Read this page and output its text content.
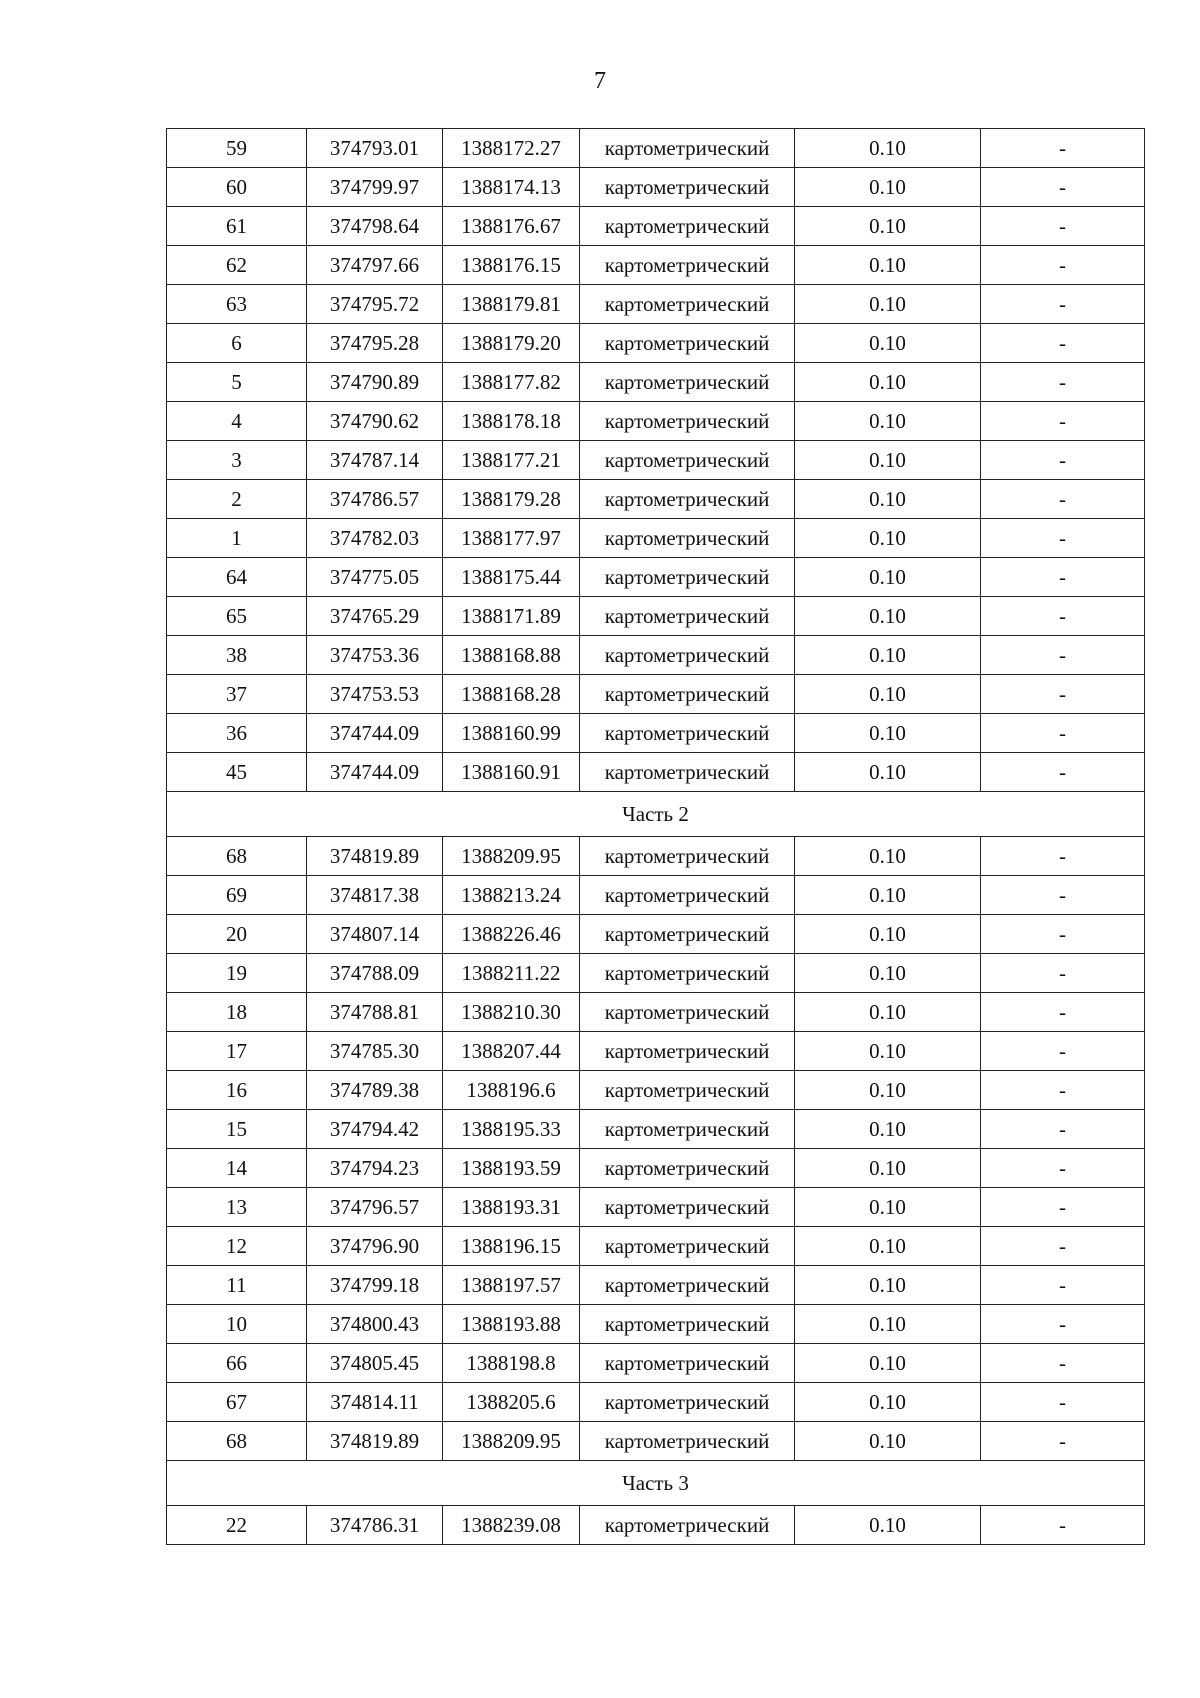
7
59	374793.01	1388172.27	картометрический	0.10	-
60	374799.97	1388174.13	картометрический	0.10	-
61	374798.64	1388176.67	картометрический	0.10	-
62	374797.66	1388176.15	картометрический	0.10	-
63	374795.72	1388179.81	картометрический	0.10	-
6	374795.28	1388179.20	картометрический	0.10	-
5	374790.89	1388177.82	картометрический	0.10	-
4	374790.62	1388178.18	картометрический	0.10	-
3	374787.14	1388177.21	картометрический	0.10	-
2	374786.57	1388179.28	картометрический	0.10	-
1	374782.03	1388177.97	картометрический	0.10	-
64	374775.05	1388175.44	картометрический	0.10	-
65	374765.29	1388171.89	картометрический	0.10	-
38	374753.36	1388168.88	картометрический	0.10	-
37	374753.53	1388168.28	картометрический	0.10	-
36	374744.09	1388160.99	картометрический	0.10	-
45	374744.09	1388160.91	картометрический	0.10	-
Часть 2					
68	374819.89	1388209.95	картометрический	0.10	-
69	374817.38	1388213.24	картометрический	0.10	-
20	374807.14	1388226.46	картометрический	0.10	-
19	374788.09	1388211.22	картометрический	0.10	-
18	374788.81	1388210.30	картометрический	0.10	-
17	374785.30	1388207.44	картометрический	0.10	-
16	374789.38	1388196.6	картометрический	0.10	-
15	374794.42	1388195.33	картометрический	0.10	-
14	374794.23	1388193.59	картометрический	0.10	-
13	374796.57	1388193.31	картометрический	0.10	-
12	374796.90	1388196.15	картометрический	0.10	-
11	374799.18	1388197.57	картометрический	0.10	-
10	374800.43	1388193.88	картометрический	0.10	-
66	374805.45	1388198.8	картометрический	0.10	-
67	374814.11	1388205.6	картометрический	0.10	-
68	374819.89	1388209.95	картометрический	0.10	-
Часть 3					
22	374786.31	1388239.08	картометрический	0.10	-
